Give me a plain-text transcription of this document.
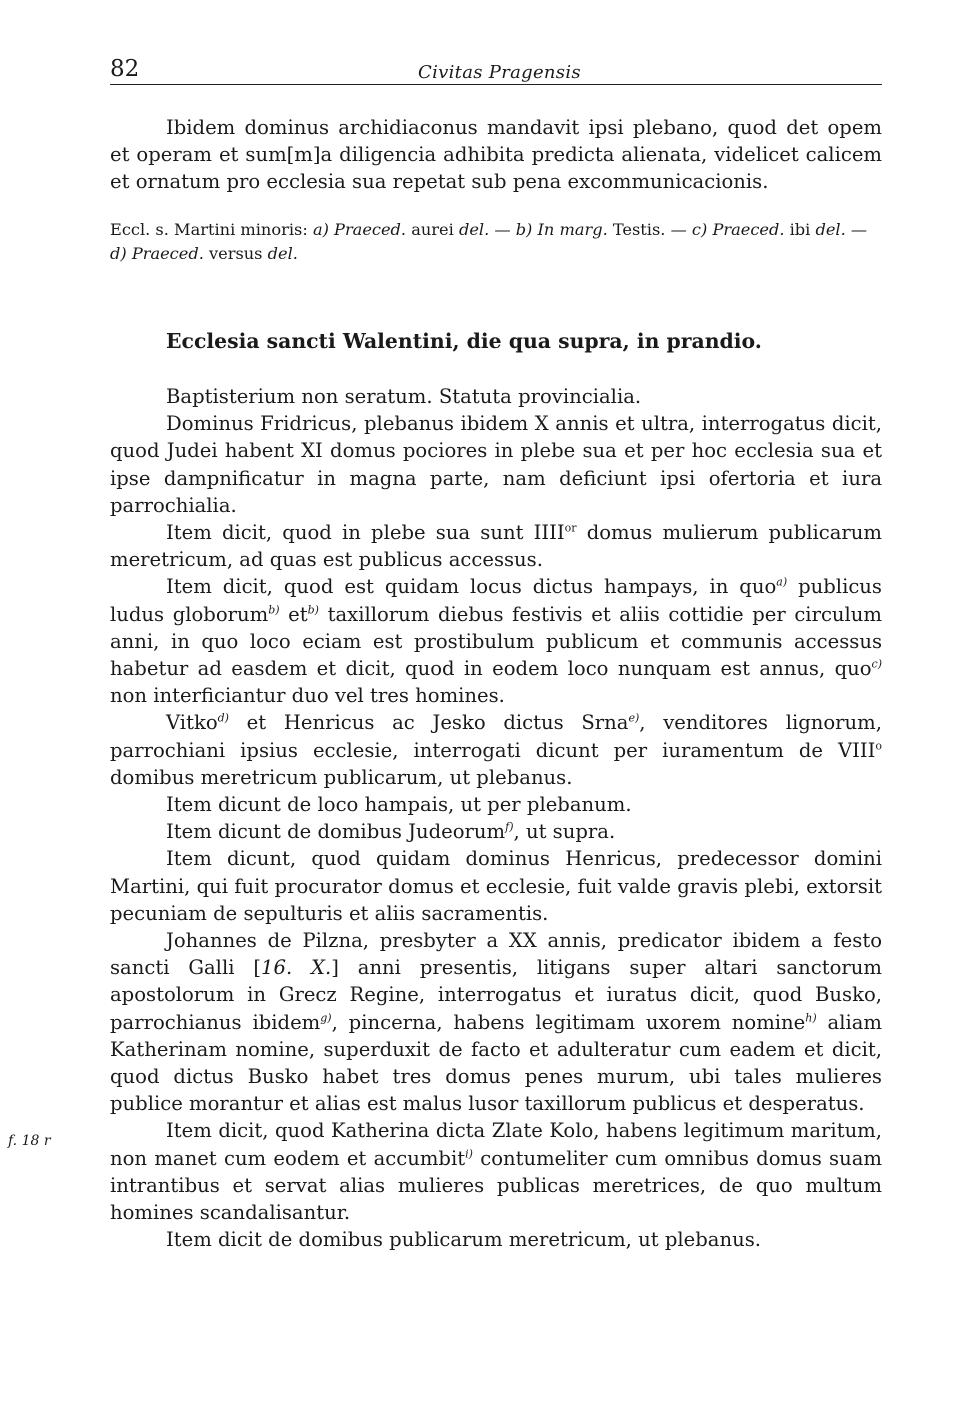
82	Civitas Pragensis

Ibidem dominus archidiaconus mandavit ipsi plebano, quod det opem et operam et sum[m]a diligencia adhibita predicta alienata, videlicet calicem et ornatum pro ecclesia sua repetat sub pena excommunicacionis.

Eccl. s. Martini minoris: a) Praeced. aurei del. — b) In marg. Testis. — c) Praeced. ibi del. — d) Praeced. versus del.

Ecclesia sancti Walentini, die qua supra, in prandio.
f. 18 r

Baptisterium non seratum. Statuta provincialia.

Dominus Fridricus, plebanus ibidem X annis et ultra, interrogatus dicit, quod Judei habent XI domus pociores in plebe sua et per hoc ecclesia sua et ipse dampnificatur in magna parte, nam deficiunt ipsi ofertoria et iura parrochialia.

Item dicit, quod in plebe sua sunt $IIII^{or}$ domus mulierum publicarum meretricum, ad quas est publicus accessus.

Item dicit, quod est quidam locus dictus hampays, in quo$^{a)}$ publicus ludus globorum$^{b)}$ $et^{b)}$ taxillorum diebus festivis et aliis cottidie per circulum anni, in quo loco eciam est prostibulum publicum et communis accessus habetur ad easdem et dicit, quod in eodem loco nunquam est annus, quo$^{c)}$ non interficiantur duo vel tres homines.

Vitko$^{d)}$ et Henricus ac Jesko dictus Srna$^{e)}$, venditores lignorum, parrochiani ipsius ecclesie, interrogati dicunt per iuramentum de VIII$^o$ domibus meretricum publicarum, ut plebanus.

Item dicunt de loco hampais, ut per plebanum.

Item dicunt de domibus Judeorum$^{f)}$, ut supra.

Item dicunt, quod quidam dominus Henricus, predecessor domini Martini, qui fuit procurator domus et ecclesie, fuit valde gravis plebi, extorsit pecuniam de sepulturis et aliis sacramentis.

Johannes de Pilzna, presbyter a XX annis, predicator ibidem a festo sancti Galli [16. X.] anni presentis, litigans super altari sanctorum apostolorum in Grecz Regine, interrogatus et iuratus dicit, quod Busko, parrochianus ibidem$^{g)}$, pincerna, habens legitimam uxorem nomine$^{h)}$ aliam Katherinam nomine, superduxit de facto et adulteratur cum eadem et dicit, quod dictus Busko habet tres domus penes murum, ubi tales mulieres publice morantur et alias est malus lusor taxillorum publicus et desperatus.

Item dicit, quod Katherina dicta Zlate Kolo, habens legitimum maritum, non manet cum eodem et accumbit$^{i)}$ contumeliter cum omnibus domus suam intrantibus et servat alias mulieres publicas meretrices, de quo multum homines scandalisantur.

Item dicit de domibus publicarum meretricum, ut plebanus.
